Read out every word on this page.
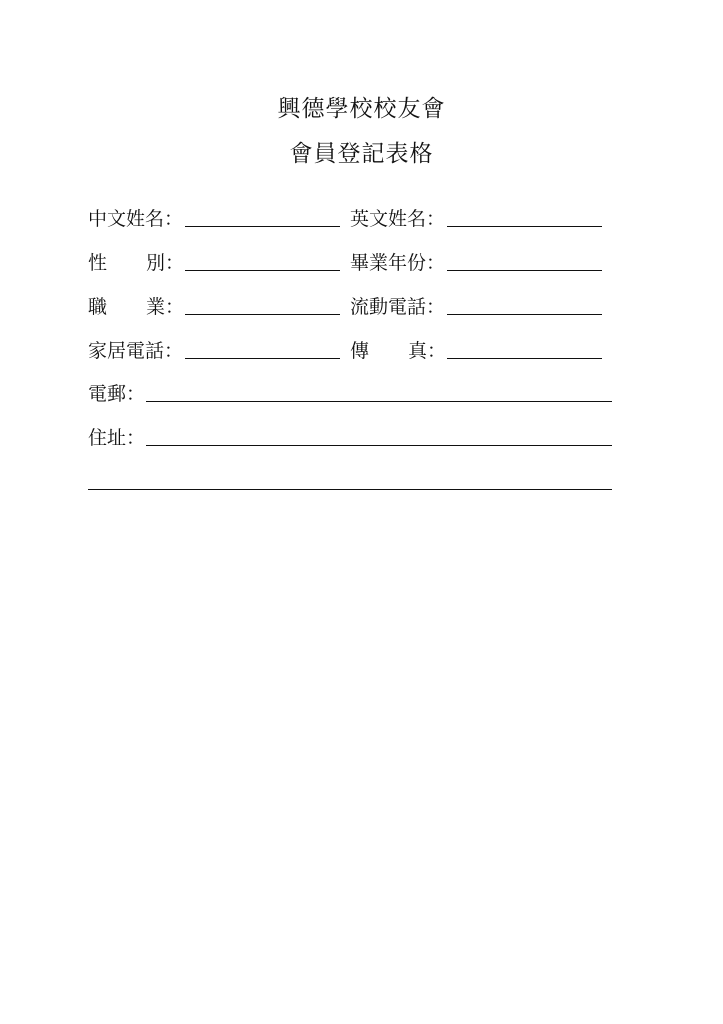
興德學校校友會
會員登記表格
中文姓名：	英文姓名：
性 別：	畢業年份：
職 業：	流動電話：
家居電話：	傳 真：
電郵：
住址：
